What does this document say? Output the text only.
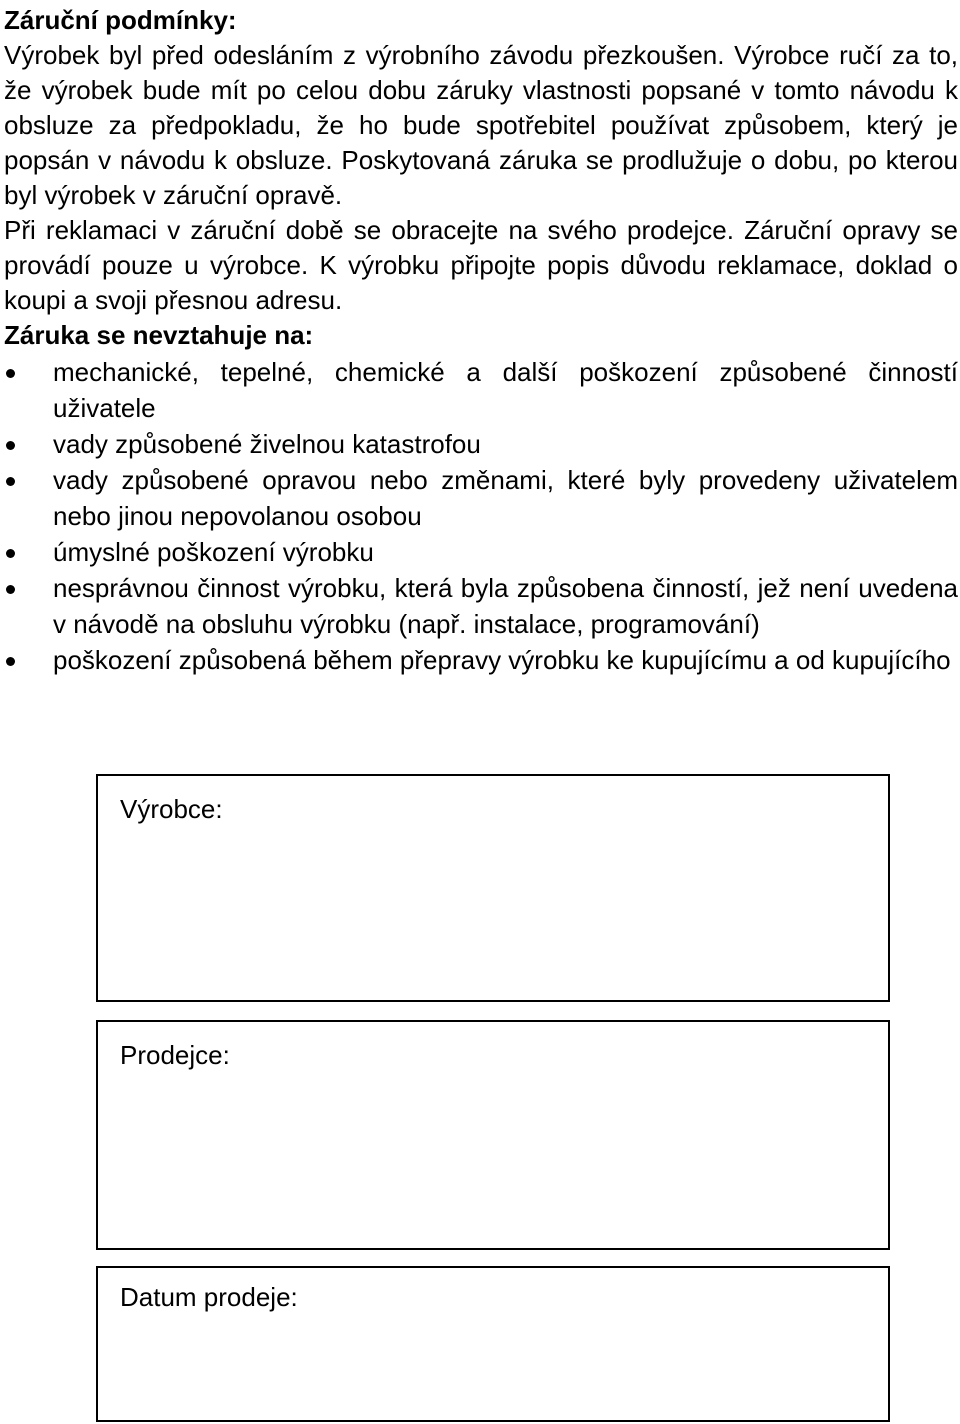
Záruční podmínky:

Výrobek byl před odesláním z výrobního závodu přezkoušen. Výrobce ručí za to, že výrobek bude mít po celou dobu záruky vlastnosti popsané v tomto návodu k obsluze za předpokladu, že ho bude spotřebitel používat způsobem, který je popsán v návodu k obsluze. Poskytovaná záruka se prodlužuje o dobu, po kterou byl výrobek v záruční opravě.

Při reklamaci v záruční době se obracejte na svého prodejce. Záruční opravy se provádí pouze u výrobce. K výrobku připojte popis důvodu reklamace, doklad o koupi a svoji přesnou adresu.

Záruka se nevztahuje na:
mechanické, tepelné, chemické a další poškození způsobené činností uživatele
vady způsobené živelnou katastrofou
vady způsobené opravou nebo změnami, které byly provedeny uživatelem nebo jinou nepovolanou osobou
úmyslné poškození výrobku
nesprávnou činnost výrobku, která byla způsobena činností, jež není uvedena v návodě na obsluhu výrobku (např. instalace, programování)
poškození způsobená během přepravy výrobku ke kupujícímu a od kupujícího
Výrobce:
Prodejce:
Datum prodeje:
